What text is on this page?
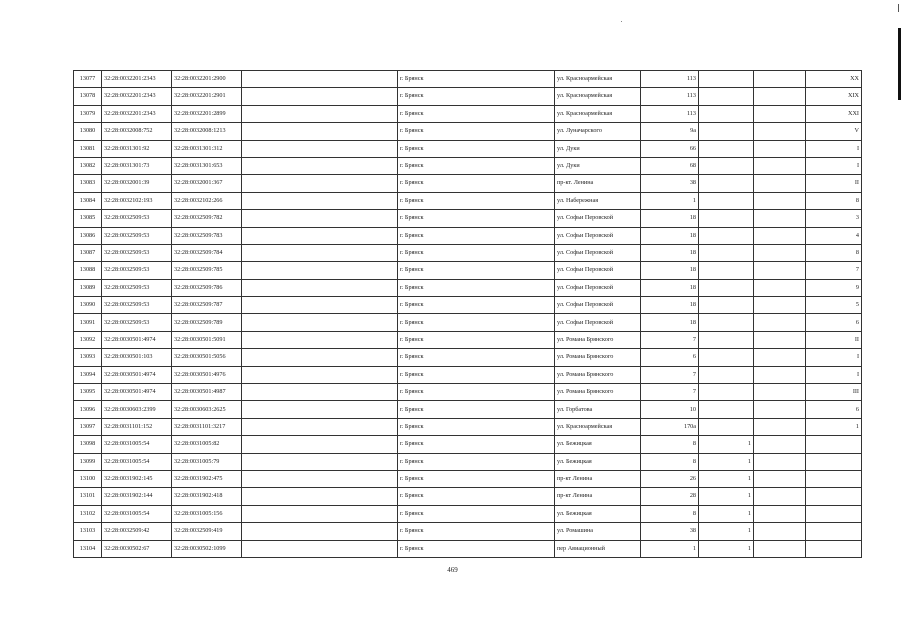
13077	32:28:0032201:2343	32:28:0032201:2900		г. Брянск	ул. Красноармейская	113			XX
13078	32:28:0032201:2343	32:28:0032201:2901		г. Брянск	ул. Красноармейская	113			XIX
13079	32:28:0032201:2343	32:28:0032201:2899		г. Брянск	ул. Красноармейская	113			XXI
13080	32:28:0032008:752	32:28:0032008:1213		г. Брянск	ул. Луначарского	9а			V
13081	32:28:0031301:92	32:28:0031301:312		г. Брянск	ул. Дуки	66			I
13082	32:28:0031301:73	32:28:0031301:653		г. Брянск	ул. Дуки	68			I
13083	32:28:0032001:39	32:28:0032001:367		г. Брянск	пр-кт. Ленина	38			II
13084	32:28:0032102:193	32:28:0032102:266		г. Брянск	ул. Набережная	1			8
13085	32:28:0032509:53	32:28:0032509:782		г. Брянск	ул. Софьи Перовской	18			3
13086	32:28:0032509:53	32:28:0032509:783		г. Брянск	ул. Софьи Перовской	18			4
13087	32:28:0032509:53	32:28:0032509:784		г. Брянск	ул. Софьи Перовской	18			8
13088	32:28:0032509:53	32:28:0032509:785		г. Брянск	ул. Софьи Перовской	18			7
13089	32:28:0032509:53	32:28:0032509:786		г. Брянск	ул. Софьи Перовской	18			9
13090	32:28:0032509:53	32:28:0032509:787		г. Брянск	ул. Софьи Перовской	18			5
13091	32:28:0032509:53	32:28:0032509:789		г. Брянск	ул. Софьи Перовской	18			6
13092	32:28:0030501:4974	32:28:0030501:5091		г. Брянск	ул. Романа Брянского	7			II
13093	32:28:0030501:103	32:28:0030501:5056		г. Брянск	ул. Романа Брянского	6			I
13094	32:28:0030501:4974	32:28:0030501:4976		г. Брянск	ул. Романа Брянского	7			I
13095	32:28:0030501:4974	32:28:0030501:4987		г. Брянск	ул. Романа Брянского	7			III
13096	32:28:0030603:2399	32:28:0030603:2625		г. Брянск	ул. Горбатова	10			6
13097	32:28:0031101:152	32:28:0031101:3217		г. Брянск	ул. Красноармейская	170а			1
13098	32:28:0031005:54	32:28:0031005:82		г. Брянск	ул. Бежицкая	8	1		
13099	32:28:0031005:54	32:28:0031005:79		г. Брянск	ул. Бежицкая	8	1		
13100	32:28:0031902:145	32:28:0031902:475		г. Брянск	пр-кт Ленина	26	1		
13101	32:28:0031902:144	32:28:0031902:418		г. Брянск	пр-кт Ленина	28	1		
13102	32:28:0031005:54	32:28:0031005:156		г. Брянск	ул. Бежицкая	8	1		
13103	32:28:0032509:42	32:28:0032509:419		г. Брянск	ул. Ромашина	38	1		
13104	32:28:0030502:67	32:28:0030502:1099		г. Брянск	пер Авиационный	1	1		
469
